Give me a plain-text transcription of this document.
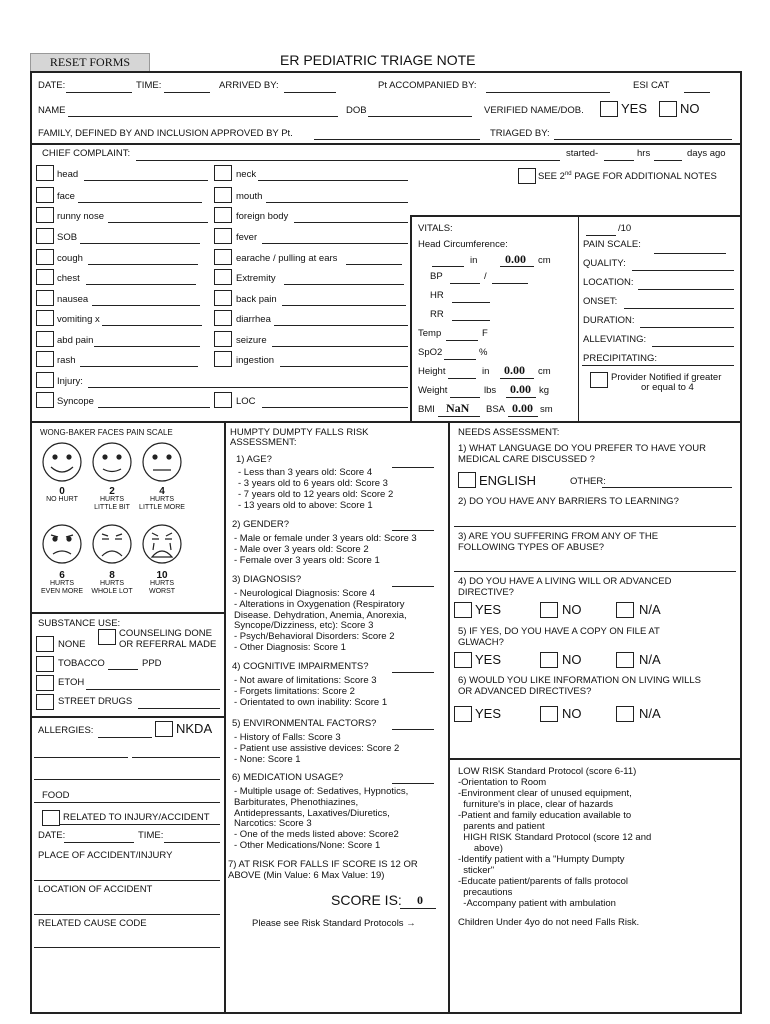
RESET FORMS	ER PEDIATRIC TRIAGE NOTE
DATE:	TIME:	ARRIVED BY:	Pt ACCOMPANIED BY:	ESI CAT
NAME	DOB	VERIFIED NAME/DOB.	YES	NO
FAMILY, DEFINED BY AND INCLUSION APPROVED BY Pt.	TRIAGED BY:
CHIEF COMPLAINT:	started-	hrs	days ago
SEE 2nd PAGE FOR ADDITIONAL NOTES
head
face
runny nose
SOB
cough
chest
nausea
vomiting x
abd pain
rash
Injury:
Syncope
neck
mouth
foreign body
fever
earache / pulling at ears
Extremity
back pain
diarrhea
seizure
ingestion
LOC
VITALS:
Head Circumference:
in 0.00 cm
BP	/
HR
RR
Temp	F
SpO2	%
Height	in 0.00 cm
Weight	lbs 0.00 kg
BMI NaN BSA 0.00 sm
/10
PAIN SCALE:
QUALITY:
LOCATION:
ONSET:
DURATION:
ALLEVIATING:
PRECIPITATING:
Provider Notified if greater
or equal to 4
WONG-BAKER FACES PAIN SCALE
0
NO HURT

2
HURTS
LITTLE BIT
4
HURTS
LITTLE MORE
6
HURTS
EVEN MORE
8
HURTS
WHOLE LOT
10
HURTS
WORST
SUBSTANCE USE:
COUNSELING DONE
OR REFERRAL MADE
NONE
TOBACCO	PPD
ETOH
STREET DRUGS
ALLERGIES:	NKDA
FOOD
RELATED TO INJURY/ACCIDENT
DATE:	TIME:
PLACE OF ACCIDENT/INJURY
LOCATION OF ACCIDENT
RELATED CAUSE CODE
HUMPTY DUMPTY FALLS RISK
ASSESSMENT:
1) AGE?
- Less than 3 years old: Score 4
- 3 years old to 6 years old: Score 3
- 7 years old to 12 years old: Score 2
- 13 years old to above: Score 1
2) GENDER?
- Male or female under 3 years old: Score 3
- Male over 3 years old: Score 2
- Female over 3 years old: Score 1
3) DIAGNOSIS?
- Neurological Diagnosis: Score 4
- Alterations in Oxygenation (Respiratory
Disease. Dehydration, Anemia, Anorexia,
Syncope/Dizziness, etc): Score 3
- Psych/Behavioral Disorders: Score 2
- Other Diagnosis: Score 1
4) COGNITIVE IMPAIRMENTS?
- Not aware of limitations: Score 3
- Forgets limitations: Score 2
- Orientated to own inability: Score 1
5) ENVIRONMENTAL FACTORS?
- History of Falls: Score 3
- Patient use assistive devices: Score 2
- None: Score 1
6) MEDICATION USAGE?
- Multiple usage of: Sedatives, Hypnotics,
Barbiturates, Phenothiazines,
Antidepressants, Laxatives/Diuretics,
Narcotics: Score 3
- One of the meds listed above: Score2
- Other Medications/None: Score 1
7) AT RISK FOR FALLS IF SCORE IS 12 OR
ABOVE (Min Value: 6 Max Value: 19)
SCORE IS: 0
Please see Risk Standard Protocols →
NEEDS ASSESSMENT:
1) WHAT LANGUAGE DO YOU PREFER TO HAVE YOUR
MEDICAL CARE DISCUSSED ?
ENGLISH	OTHER:
2) DO YOU HAVE ANY BARRIERS TO LEARNING?
3) ARE YOU SUFFERING FROM ANY OF THE
FOLLOWING TYPES OF ABUSE?
4) DO YOU HAVE A LIVING WILL OR ADVANCED
DIRECTIVE?
5) IF YES, DO YOU HAVE A COPY ON FILE AT
GLWACH?
6) WOULD YOU LIKE INFORMATION ON LIVING WILLS
OR ADVANCED DIRECTIVES?
YES	NO	N/A
YES	NO	N/A
YES	NO	N/A
LOW RISK Standard Protocol (score 6-11)
-Orientation to Room
-Environment clear of unused equipment,
furniture's in place, clear of hazards
-Patient and family education available to
parents and patient
HIGH RISK Standard Protocol (score 12 and
above)
-Identify patient with a "Humpty Dumpty
sticker"
-Educate patient/parents of falls protocol
precautions
-Accompany patient with ambulation
Children Under 4yo do not need Falls Risk.
